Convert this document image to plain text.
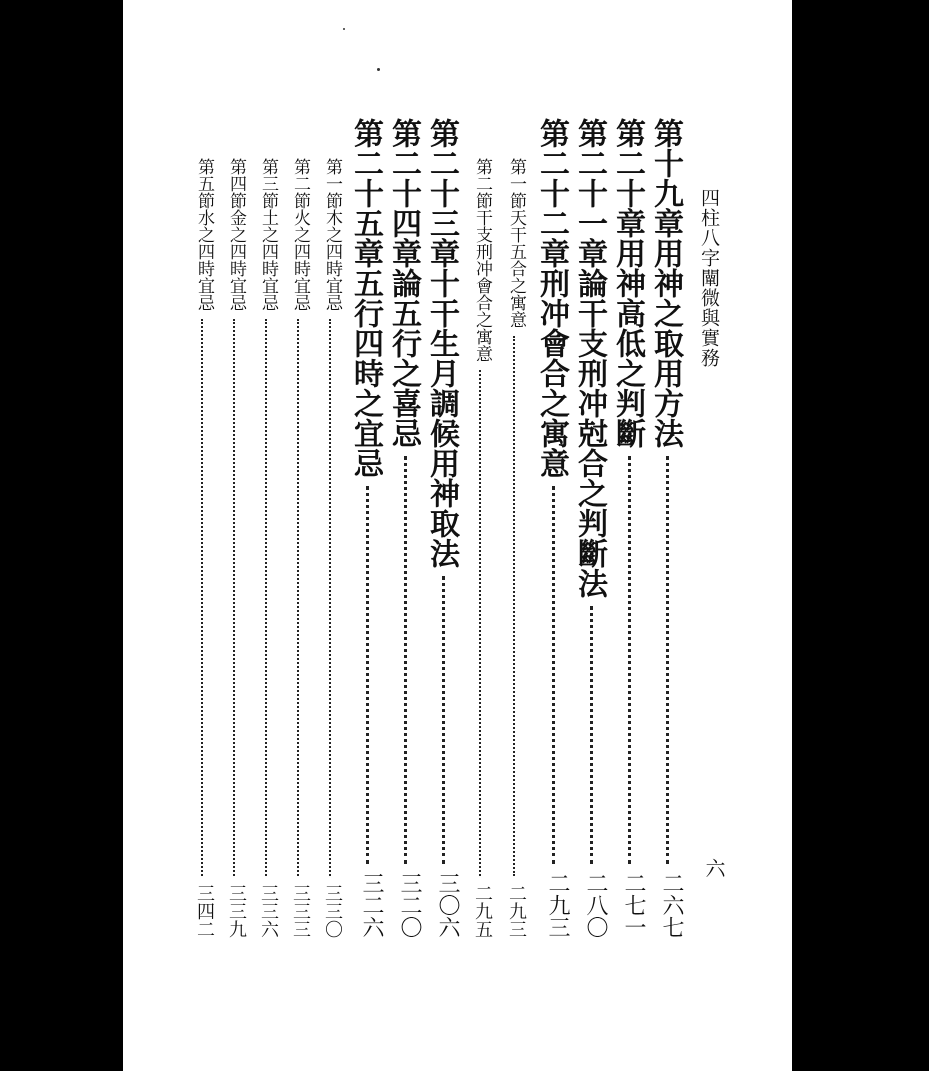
四柱八字闡微與實務
六
第十九章
用神之取用方法
二六七
第二十章
用神高低之判斷
二七一
第二十一章
論干支刑冲尅合之判斷法
二八〇
第二十二章
刑冲會合之寓意
二九三
第一節
天干五合之寓意
二九三
第二節
干支刑冲會合之寓意
二九五
第二十三章
十干生月調候用神取法
三〇六
第二十四章
論五行之喜忌
三二〇
第二十五章
五行四時之宜忌
三二六
第一節
木之四時宜忌
三三〇
第二節
火之四時宜忌
三三三
第三節
土之四時宜忌
三三六
第四節
金之四時宜忌
三三九
第五節
水之四時宜忌
三四二
